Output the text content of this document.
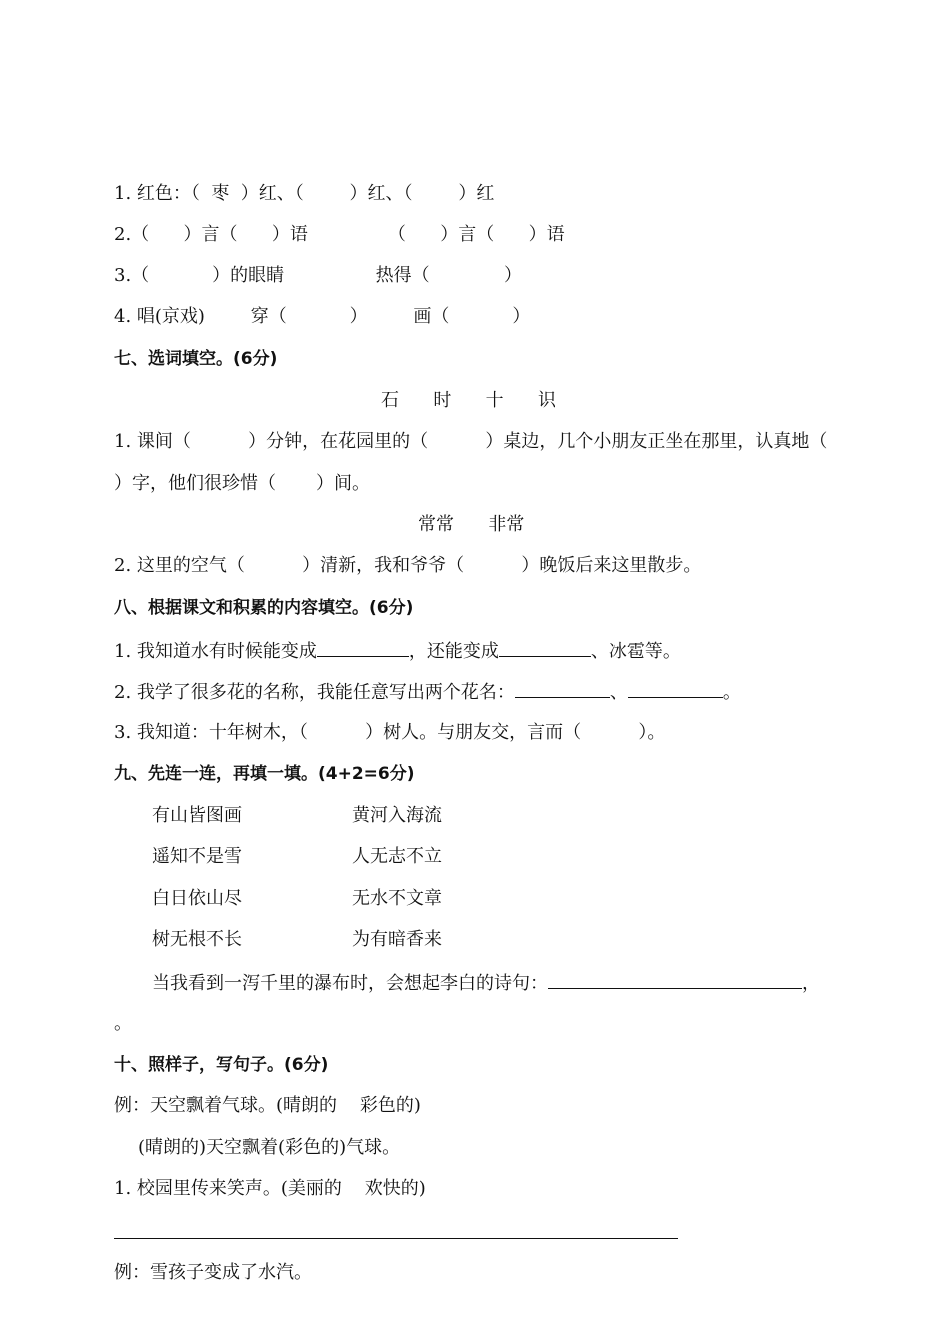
1. 红色：（  枣  ）红、（        ）红、（        ）红
2.（      ）言（      ）语              （      ）言（      ）语
3.（           ）的眼睛                热得（             ）
4. 唱(京戏)        穿（           ）        画（           ）
七、选词填空。(6分)
石      时      十      识
1. 课间（          ）分钟，在花园里的（          ）桌边，几个小朋友正坐在那里，认真地（
）字，他们很珍惜（       ）间。
常常      非常
2. 这里的空气（          ）清新，我和爷爷（          ）晚饭后来这里散步。
八、根据课文和积累的内容填空。(6分)
1. 我知道水有时候能变成	，还能变成	、冰雹等。
2. 我学了很多花的名称，我能任意写出两个花名：	、	。
3. 我知道：十年树木，（          ）树人。与朋友交，言而（          ）。
九、先连一连，再填一填。(4+2=6分)
有山皆图画	黄河入海流
遥知不是雪	人无志不立
白日依山尽	无水不文章
树无根不长	为有暗香来
当我看到一泻千里的瀑布时，会想起李白的诗句：	，
。
十、照样子，写句子。(6分)
例：天空飘着气球。(晴朗的    彩色的)
(晴朗的)天空飘着(彩色的)气球。
1. 校园里传来笑声。(美丽的    欢快的)
例：雪孩子变成了水汽。
